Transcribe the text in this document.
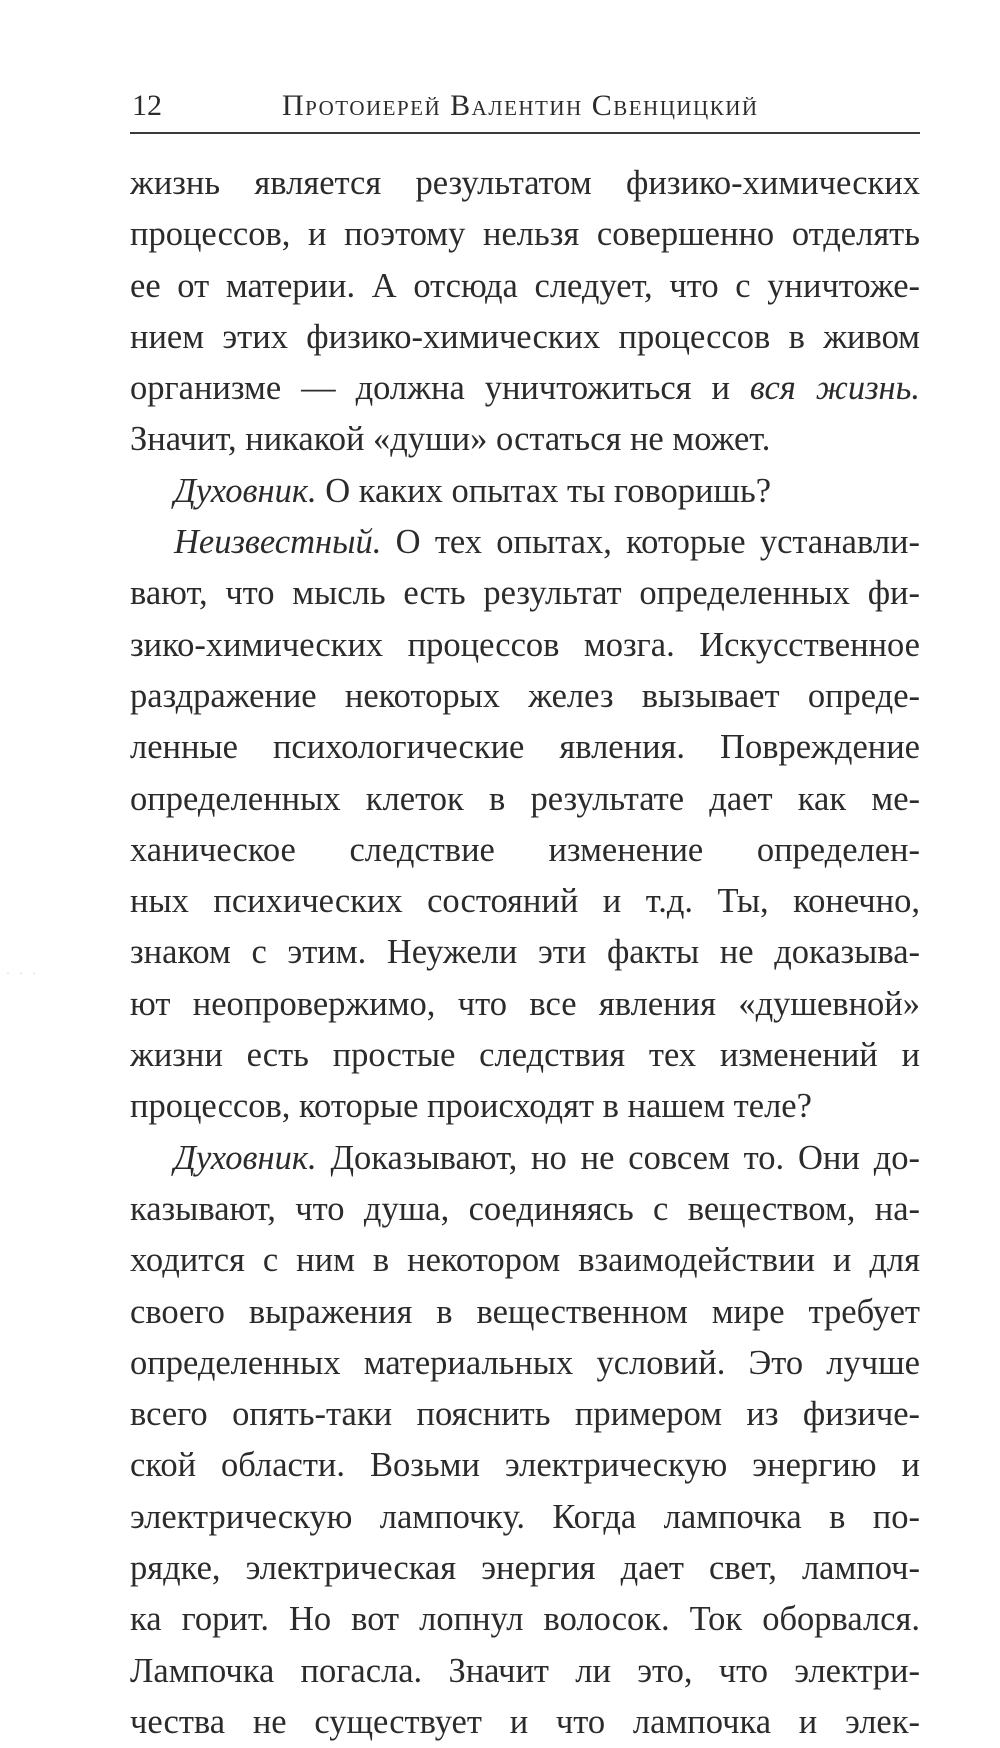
12	Протоиерей Валентин Свенцицкий
· · ·
жизнь является результатом физико-химических
процессов, и поэтому нельзя совершенно отделять
ее от материи. А отсюда следует, что с уничтоже-
нием этих физико-химических процессов в живом
организме — должна уничтожиться и вся жизнь.
Значит, никакой «души» остаться не может.
Духовник. О каких опытах ты говоришь?
Неизвестный. О тех опытах, которые устанавли-
вают, что мысль есть результат определенных фи-
зико-химических процессов мозга. Искусственное
раздражение некоторых желез вызывает опреде-
ленные психологические явления. Повреждение
определенных клеток в результате дает как ме-
ханическое следствие изменение определен-
ных психических состояний и т.д. Ты, конечно,
знаком с этим. Неужели эти факты не доказыва-
ют неопровержимо, что все явления «душевной»
жизни есть простые следствия тех изменений и
процессов, которые происходят в нашем теле?
Духовник. Доказывают, но не совсем то. Они до-
казывают, что душа, соединяясь с веществом, на-
ходится с ним в некотором взаимодействии и для
своего выражения в вещественном мире требует
определенных материальных условий. Это лучше
всего опять-таки пояснить примером из физиче-
ской области. Возьми электрическую энергию и
электрическую лампочку. Когда лампочка в по-
рядке, электрическая энергия дает свет, лампоч-
ка горит. Но вот лопнул волосок. Ток оборвался.
Лампочка погасла. Значит ли это, что электри-
чества не существует и что лампочка и элек-
